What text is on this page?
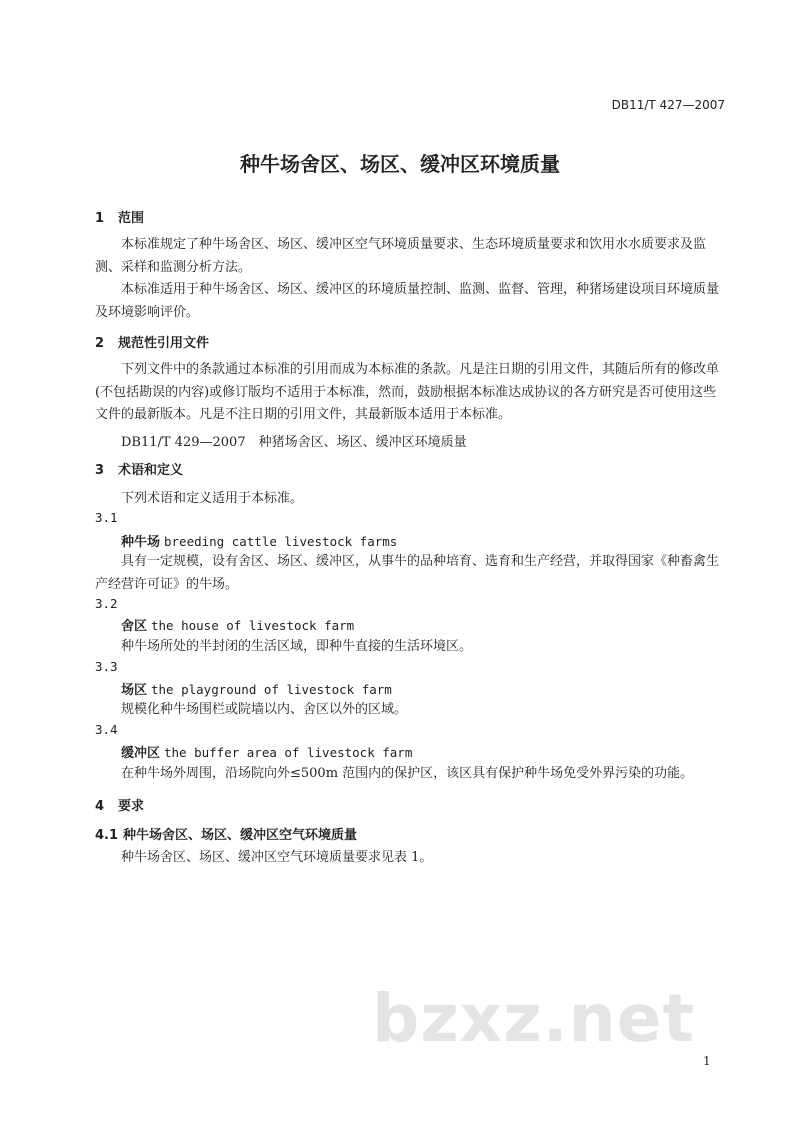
DB11/T 427—2007
种牛场舍区、场区、缓冲区环境质量
1 范围
本标准规定了种牛场舍区、场区、缓冲区空气环境质量要求、生态环境质量要求和饮用水水质要求及监测、采样和监测分析方法。
本标准适用于种牛场舍区、场区、缓冲区的环境质量控制、监测、监督、管理，种猪场建设项目环境质量及环境影响评价。
2 规范性引用文件
下列文件中的条款通过本标准的引用而成为本标准的条款。凡是注日期的引用文件，其随后所有的修改单(不包括勘误的内容)或修订版均不适用于本标准，然而，鼓励根据本标准达成协议的各方研究是否可使用这些文件的最新版本。凡是不注日期的引用文件，其最新版本适用于本标准。
DB11/T 429—2007　种猪场舍区、场区、缓冲区环境质量
3 术语和定义
下列术语和定义适用于本标准。
3.1
种牛场 breeding cattle livestock farms
具有一定规模，设有舍区、场区、缓冲区，从事牛的品种培育、选育和生产经营，并取得国家《种畜禽生产经营许可证》的牛场。
3.2
舍区 the house of livestock farm
种牛场所处的半封闭的生活区域，即种牛直接的生活环境区。
3.3
场区 the playground of livestock farm
规模化种牛场围栏或院墙以内、舍区以外的区域。
3.4
缓冲区 the buffer area of livestock farm
在种牛场外周围，沿场院向外≤500m 范围内的保护区，该区具有保护种牛场免受外界污染的功能。
4 要求
4.1 种牛场舍区、场区、缓冲区空气环境质量
种牛场舍区、场区、缓冲区空气环境质量要求见表 1。
bzxz.net
1
